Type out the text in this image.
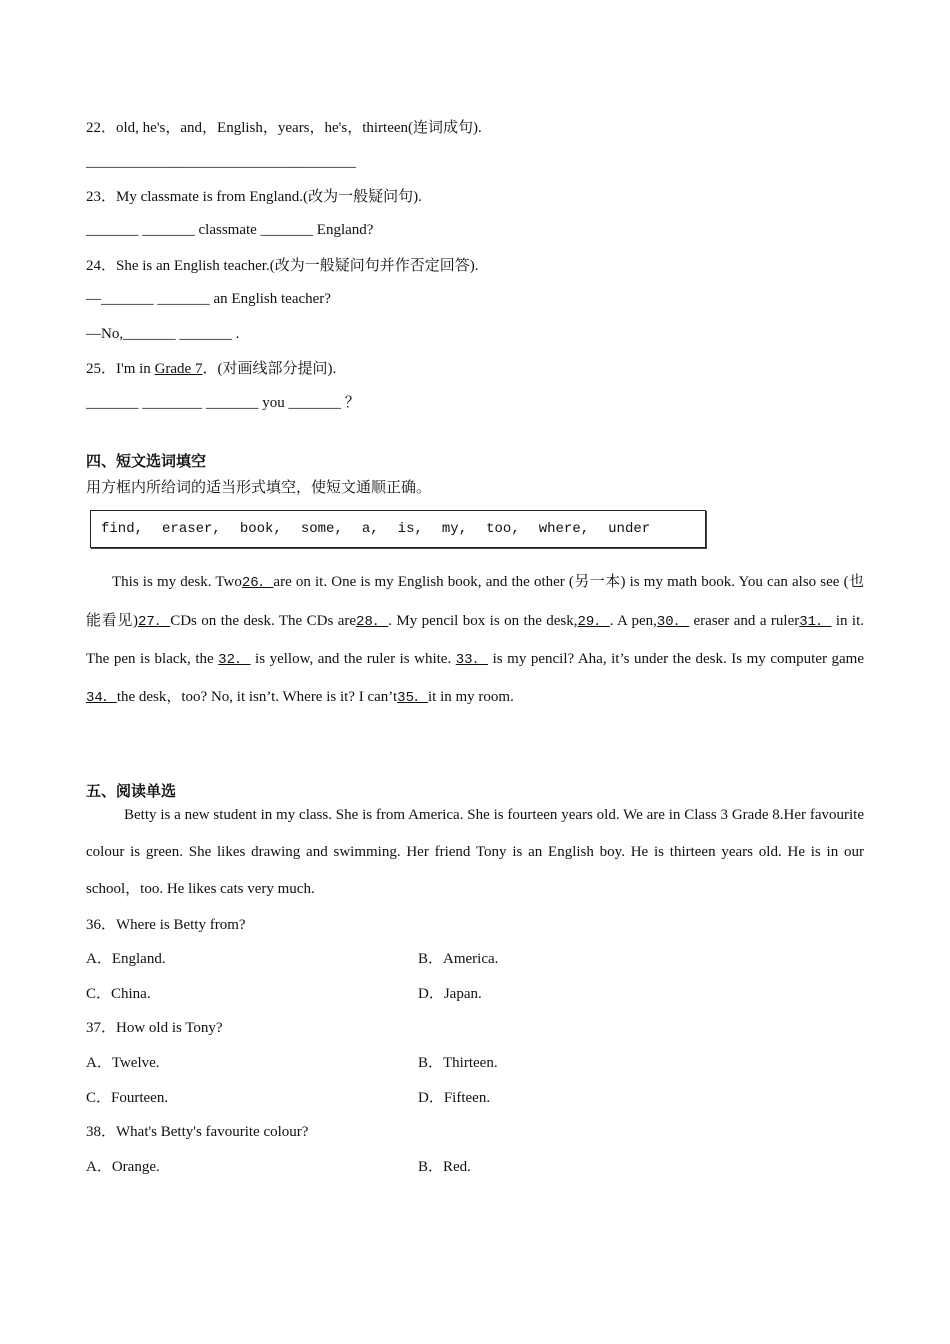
22．old, he's，and，English，years，he's，thirteen(连词成句).
____________________________________
23．My classmate is from England.(改为一般疑问句).
_______ _______ classmate _______ England?
24．She is an English teacher.(改为一般疑问句并作否定回答).
—_______ _______ an English teacher?
—No,_______ _______ .
25．I'm in Grade 7．(对画线部分提问).
_______ ________ _______ you _______ ？
四、短文选词填空
用方框内所给词的适当形式填空，使短文通顺正确。
find, eraser, book, some, a, is, my, too, where, under
This is my desk. Two26．are on it. One is my English book, and the other (另一本) is my math book. You can also see (也能看见)27．CDs on the desk. The CDs are28．. My pencil box is on the desk,29．. A pen,30． eraser and a ruler31． in it. The pen is black, the 32． is yellow, and the ruler is white. 33． is my pencil? Aha, it’s under the desk. Is my computer game 34．the desk，too? No, it isn’t. Where is it? I can’t35．it in my room.
五、阅读单选
Betty is a new student in my class. She is from America. She is fourteen years old. We are in Class 3 Grade 8.Her favourite colour is green. She likes drawing and swimming. Her friend Tony is an English boy. He is thirteen years old. He is in our school，too. He likes cats very much.
36．Where is Betty from?
A．England.	B．America.
C．China.	D．Japan.
37．How old is Tony?
A．Twelve.	B．Thirteen.
C．Fourteen.	D．Fifteen.
38．What's Betty's favourite colour?
A．Orange.	B．Red.
